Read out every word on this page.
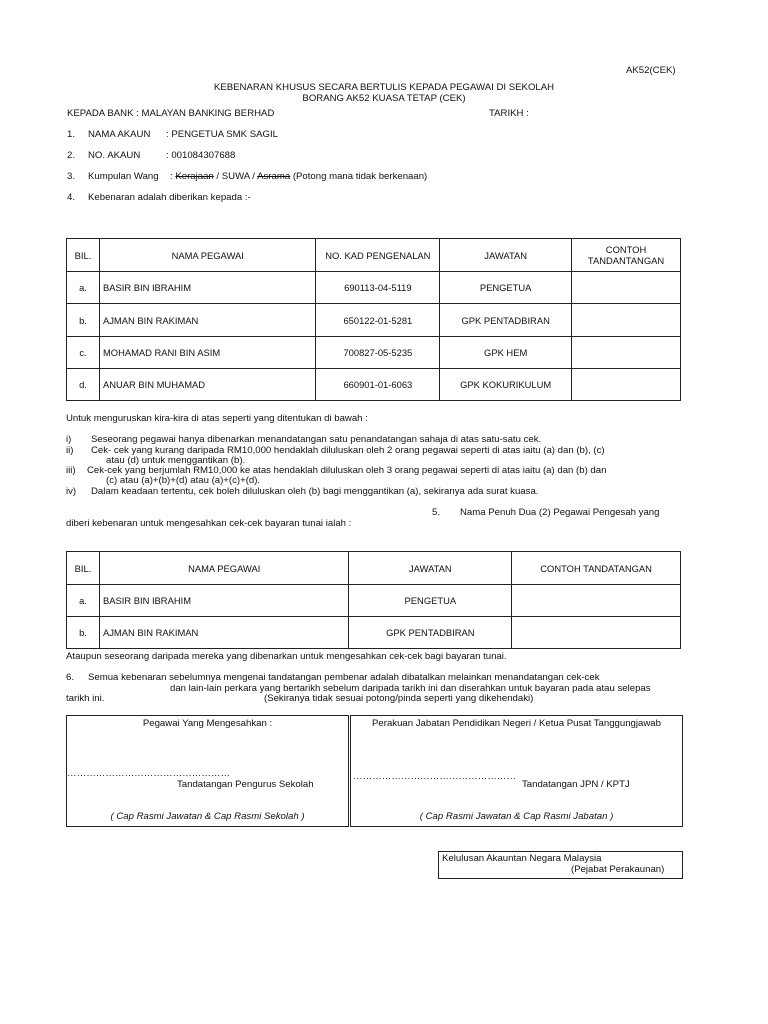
AK52(CEK)
KEBENARAN KHUSUS SECARA BERTULIS KEPADA PEGAWAI DI SEKOLAH
BORANG AK52 KUASA TETAP (CEK)
KEPADA BANK : MALAYAN BANKING BERHAD	TARIKH :
1. NAMA AKAUN : PENGETUA SMK SAGIL
2. NO. AKAUN	: 001084307688
3. Kumpulan Wang : Kerajaan / SUWA / Asrama (Potong mana tidak berkenaan)
4. Kebenaran adalah diberikan kepada :-
BIL.	NAMA PEGAWAI	NO. KAD PENGENALAN	JAWATAN	CONTOH
TANDANTANGAN

a.	BASIR BIN IBRAHIM	690113-04-5119	PENGETUA	
b.	AJMAN BIN RAKIMAN	650122-01-5281	GPK PENTADBIRAN	
c.	MOHAMAD RANI BIN ASIM	700827-05-5235	GPK HEM	
d.	ANUAR BIN MUHAMAD	660901-01-6063	GPK KOKURIKULUM	
Untuk menguruskan kira-kira di atas seperti yang ditentukan di bawah :
i) Seseorang pegawai hanya dibenarkan menandatangan satu penandatangan sahaja di atas satu-satu cek.
ii) Cek- cek yang kurang daripada RM10,000 hendaklah diluluskan oleh 2 orang pegawai seperti di atas iaitu (a) dan (b), (c)
atau (d) untuk menggantikan (b).
iii) Cek-cek yang berjumlah RM10,000 ke atas hendaklah diluluskan oleh 3 orang pegawai seperti di atas iaitu (a) dan (b) dan
(c) atau (a)+(b)+(d) atau (a)+(c)+(d).
iv) Dalam keadaan tertentu, cek boleh diluluskan oleh (b) bagi menggantikan (a), sekiranya ada surat kuasa.
5. Nama Penuh Dua (2) Pegawai Pengesah yang
diberi kebenaran untuk mengesahkan cek-cek bayaran tunai ialah :
BIL.	NAMA PEGAWAI	JAWATAN	CONTOH TANDATANGAN
a.	BASIR BIN IBRAHIM	PENGETUA	
b.	AJMAN BIN RAKIMAN	GPK PENTADBIRAN	
Ataupun seseorang daripada mereka yang dibenarkan untuk mengesahkan cek-cek bagi bayaran tunai.
6. Semua kebenaran sebelumnya mengenai tandatangan pembenar adalah dibatalkan melainkan menandatangan cek-cek
dan lain-lain perkara yang bertarikh sebelum daripada tarikh ini dan diserahkan untuk bayaran pada atau selepas
tarikh ini.	(Sekiranya tidak sesuai potong/pinda seperti yang dikehendaki)
Pegawai Yang Mengesahkan :
……………………………………………
Tandatangan Pengurus Sekolah
( Cap Rasmi Jawatan & Cap Rasmi Sekolah )
Perakuan Jabatan Pendidikan Negeri / Ketua Pusat Tanggungjawab
……………………………………………
Tandatangan JPN / KPTJ
( Cap Rasmi Jawatan & Cap Rasmi Jabatan )
Kelulusan Akauntan Negara Malaysia
(Pejabat Perakaunan)
